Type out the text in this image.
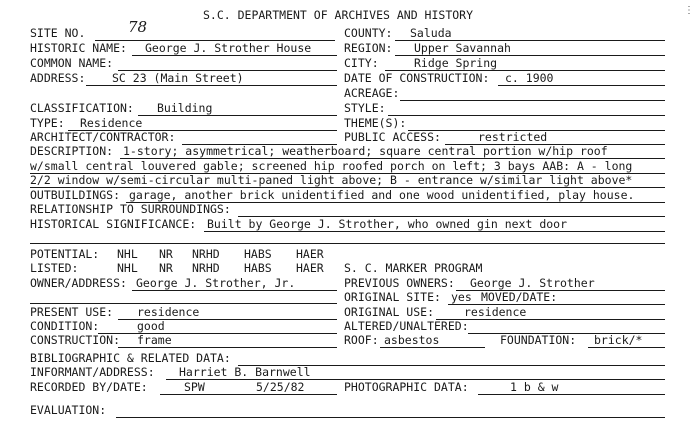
S.C. DEPARTMENT OF ARCHIVES AND HISTORY
SITE NO.	78	COUNTY: Saluda
HISTORIC NAME: George J. Strother House	REGION: Upper Savannah
COMMON NAME:	CITY:	Ridge Spring
ADDRESS: SC 23 (Main Street)	DATE OF CONSTRUCTION: c. 1900
ACREAGE:
CLASSIFICATION: Building	STYLE:
TYPE: Residence	THEME(S):
ARCHITECT/CONTRACTOR:	PUBLIC ACCESS:	restricted
DESCRIPTION: 1-story; asymmetrical; weatherboard; square central portion w/hip roof
w/small central louvered gable; screened hip roofed porch on left; 3 bays AAB: A - long
2/2 window w/semi-circular multi-paned light above; B - entrance w/similar light above*
OUTBUILDINGS: garage, another brick unidentified and one wood unidentified, play house.
RELATIONSHIP TO SURROUNDINGS:
HISTORICAL SIGNIFICANCE: Built by George J. Strother, who owned gin next door
POTENTIAL: NHL NR NRHD HABS HAER
LISTED:	NHL NR NRHD HABS HAER S. C. MARKER PROGRAM
OWNER/ADDRESS: George J. Strother, Jr.	PREVIOUS OWNERS: George J. Strother
ORIGINAL SITE: yes MOVED/DATE:
PRESENT USE: residence	ORIGINAL USE:	residence
CONDITION:	good	ALTERED/UNALTERED:
CONSTRUCTION: frame	ROOF: asbestos	FOUNDATION: brick/*
BIBLIOGRAPHIC & RELATED DATA:
INFORMANT/ADDRESS: Harriet B. Barnwell
RECORDED BY/DATE:	SPW	5/25/82	PHOTOGRAPHIC DATA:	1 b & w
EVALUATION:
⋮
